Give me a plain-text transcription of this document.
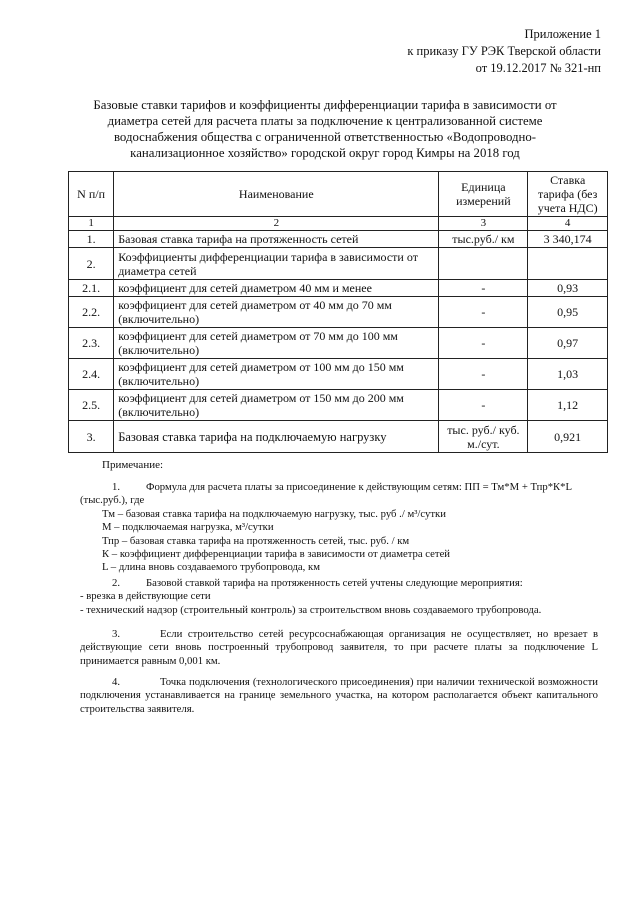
Приложение 1
к приказу ГУ РЭК Тверской области
от 19.12.2017 № 321-нп
Базовые ставки тарифов и коэффициенты дифференциации тарифа в зависимости от
диаметра сетей для расчета платы за подключение к централизованной системе
водоснабжения общества с ограниченной ответственностью «Водопроводно-
канализационное хозяйство» городской округ город Кимры на 2018 год
N п/п	Наименование	Единица измерений	Ставка тарифа (без учета НДС)
1	2	3	4
1.	Базовая ставка тарифа на протяженность сетей	тыс.руб./ км	3 340,174
2.	Коэффициенты дифференциации тарифа в зависимости от диаметра сетей		
2.1.	коэффициент для сетей диаметром 40 мм и менее	-	0,93
2.2.	коэффициент для сетей диаметром от 40 мм до 70 мм (включительно)	-	0,95
2.3.	коэффициент для сетей диаметром от 70 мм до 100 мм (включительно)	-	0,97
2.4.	коэффициент для сетей диаметром от 100 мм до 150 мм (включительно)	-	1,03
2.5.	коэффициент для сетей диаметром от 150 мм до 200 мм (включительно)	-	1,12
3.	Базовая ставка тарифа на подключаемую нагрузку	тыс. руб./ куб. м./сут.	0,921
Примечание:
1. Формула для расчета платы за присоединение к действующим сетям: ПП = Тм*М + Тпр*К*L
(тыс.руб.), где
Тм – базовая ставка тарифа на подключаемую нагрузку, тыс. руб ./ м³/сутки
М – подключаемая нагрузка, м³/сутки
Тпр – базовая ставка тарифа на протяженность сетей, тыс. руб. / км
К – коэффициент дифференциации тарифа в зависимости от диаметра сетей
L – длина вновь создаваемого трубопровода, км
2. Базовой ставкой тарифа на протяженность сетей учтены следующие мероприятия:
- врезка в действующие сети
- технический надзор (строительный контроль) за строительством вновь создаваемого трубопровода.
3.	Если строительство сетей ресурсоснабжающая организация не осуществляет, но врезает в действующие сети вновь построенный трубопровод заявителя, то при расчете платы за подключение L принимается равным 0,001 км.
4.	Точка подключения (технологического присоединения) при наличии технической возможности подключения устанавливается на границе земельного участка, на котором располагается объект капитального строительства заявителя.
